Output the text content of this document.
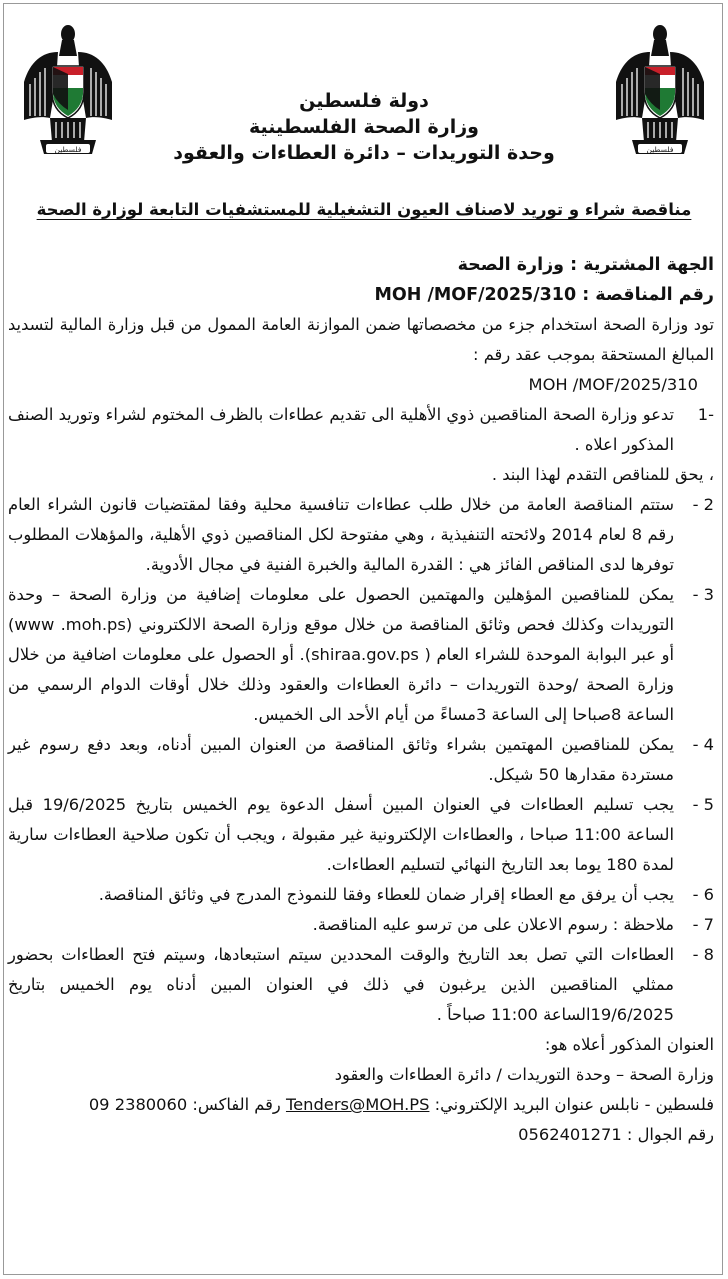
فلسطين	فلسطين
دولة فلسطين
وزارة الصحة الفلسطينية
وحدة التوريدات – دائرة العطاءات والعقود
مناقصة شراء و توريد لاصناف العيون التشغيلية للمستشفيات التابعة لوزارة الصحة

الجهة المشترية : وزارة الصحة

رقم المناقصة : MOH /MOF/2025/310

تود وزارة الصحة استخدام جزء من مخصصاتها ضمن الموازنة العامة الممول من قبل وزارة المالية لتسديد المبالغ المستحقة بموجب عقد رقم :

MOH /MOF/2025/310

-1
تدعو وزارة الصحة المناقصين ذوي الأهلية الى تقديم عطاءات بالظرف المختوم لشراء وتوريد الصنف المذكور اعلاه .
، يحق للمناقص التقدم لهذا البند .
2 -
ستتم المناقصة العامة من خلال طلب عطاءات تنافسية محلية وفقا لمقتضيات قانون الشراء العام رقم 8 لعام 2014 ولائحته التنفيذية ، وهي مفتوحة لكل المناقصين ذوي الأهلية، والمؤهلات المطلوب توفرها لدى المناقص الفائز هي : القدرة المالية والخبرة الفنية في مجال الأدوية.
3 -
يمكن للمناقصين المؤهلين والمهتمين الحصول على معلومات إضافية من وزارة الصحة – وحدة التوريدات وكذلك فحص وثائق المناقصة من خلال موقع وزارة الصحة الالكتروني (www .moh.ps) أو عبر البوابة الموحدة للشراء العام ( shiraa.gov.ps). أو الحصول على معلومات اضافية من خلال وزارة الصحة /وحدة التوريدات – دائرة العطاءات والعقود وذلك خلال أوقات الدوام الرسمي من الساعة 8صباحا إلى الساعة 3مساءً من أيام الأحد الى الخميس.
4 -
يمكن للمناقصين المهتمين بشراء وثائق المناقصة من العنوان المبين أدناه، وبعد دفع رسوم غير مستردة مقدارها 50 شيكل.
5 -
يجب تسليم العطاءات في العنوان المبين أسفل الدعوة يوم الخميس بتاريخ 19/6/2025 قبل الساعة 11:00 صباحا ، والعطاءات الإلكترونية غير مقبولة ، ويجب أن تكون صلاحية العطاءات سارية لمدة 180 يوما بعد التاريخ النهائي لتسليم العطاءات.
6 -
يجب أن يرفق مع العطاء إقرار ضمان للعطاء وفقا للنموذج المدرج في وثائق المناقصة.
7 -
ملاحظة : رسوم الاعلان على من ترسو عليه المناقصة.
8 -
العطاءات التي تصل بعد التاريخ والوقت المحددين سيتم استبعادها، وسيتم فتح العطاءات بحضور ممثلي المناقصين الذين يرغبون في ذلك في العنوان المبين أدناه يوم الخميس بتاريخ 19/6/2025الساعة 11:00 صباحاً .

العنوان المذكور أعلاه هو:

وزارة الصحة – وحدة التوريدات / دائرة العطاءات والعقود

فلسطين - نابلس عنوان البريد الإلكتروني: Tenders@MOH.PS رقم الفاكس: 09 2380060

رقم الجوال : 0562401271
